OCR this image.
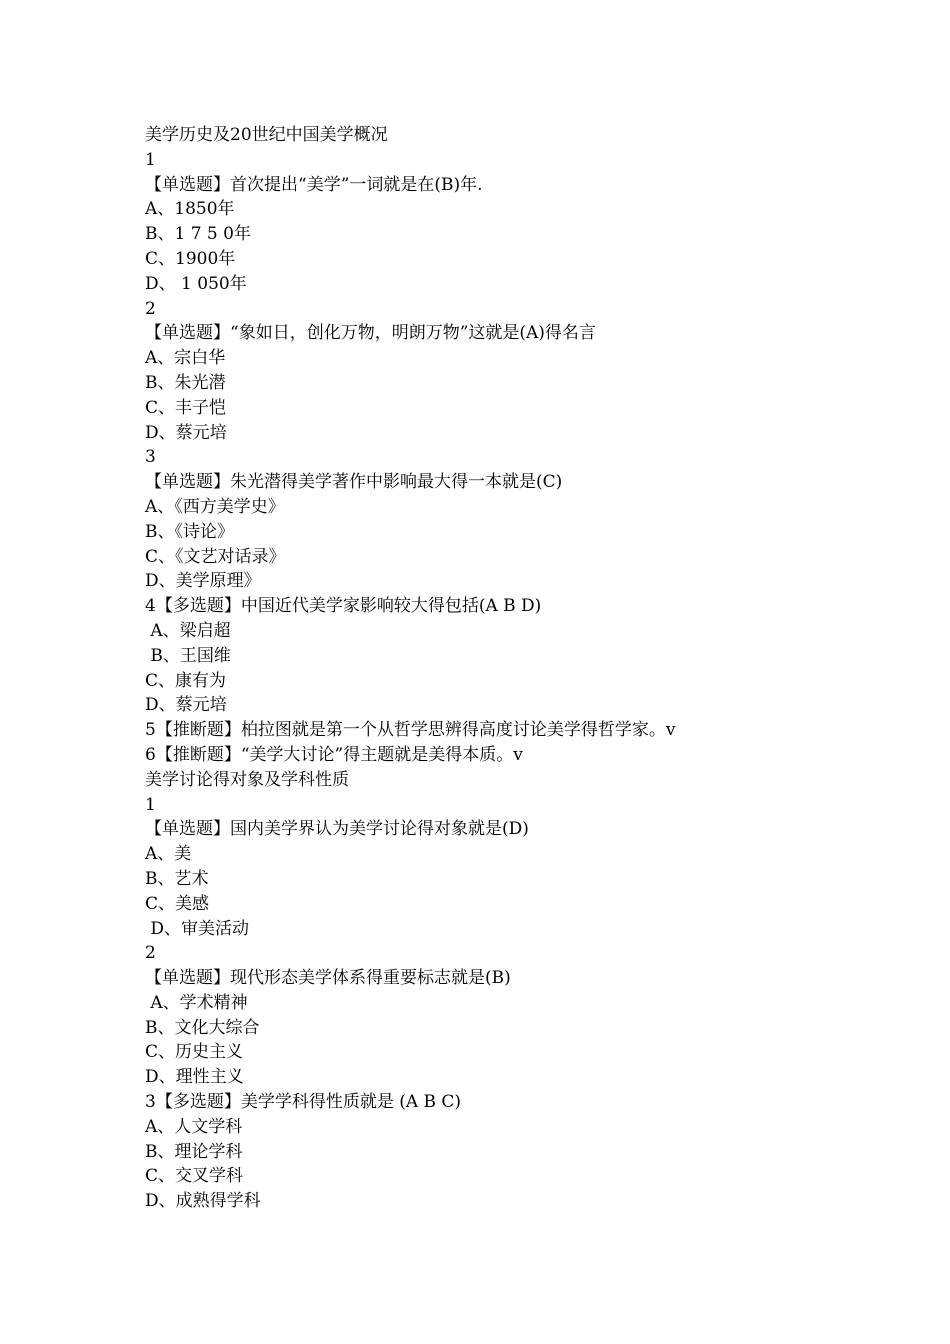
美学历史及20世纪中国美学概况
1
【单选题】首次提出“美学”一词就是在(B)年.
A、1850年
B、1 7 5 0年
C、1900年
D、 1 050年
2
【单选题】“象如日，创化万物，明朗万物”这就是(A)得名言
A、宗白华
B、朱光潜
C、丰子恺
D、蔡元培
3
【单选题】朱光潜得美学著作中影响最大得一本就是(C)
A、《西方美学史》
B、《诗论》
C、《文艺对话录》
D、美学原理》
4【多选题】中国近代美学家影响较大得包括(A B D)
A、梁启超
B、王国维
C、康有为
D、蔡元培
5【推断题】柏拉图就是第一个从哲学思辨得高度讨论美学得哲学家。v
6【推断题】“美学大讨论”得主题就是美得本质。v
美学讨论得对象及学科性质
1
【单选题】国内美学界认为美学讨论得对象就是(D)
A、美
B、艺术
C、美感
D、审美活动
2
【单选题】现代形态美学体系得重要标志就是(B)
A、学术精神
B、文化大综合
C、历史主义
D、理性主义
3【多选题】美学学科得性质就是 (A B C)
A、人文学科
B、理论学科
C、交叉学科
D、成熟得学科
